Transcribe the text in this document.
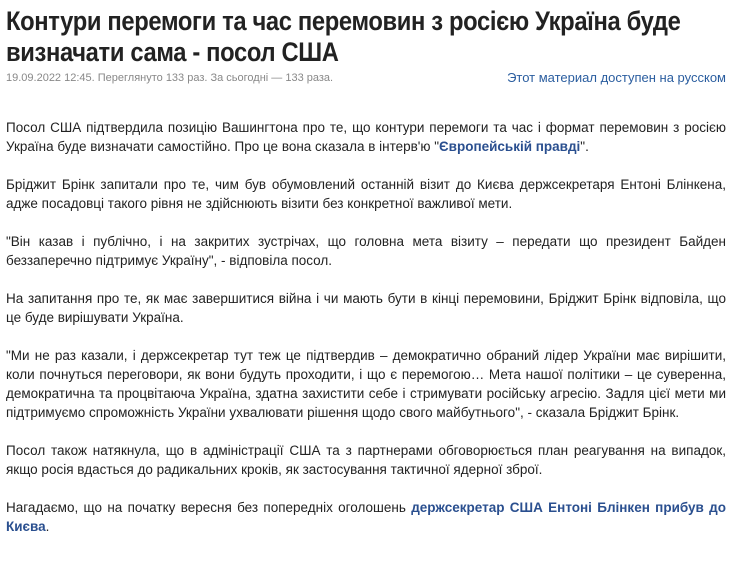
Контури перемоги та час перемовин з росією Україна буде визначати сама - посол США
19.09.2022 12:45. Переглянуто 133 раз. За сьогодні — 133 раза.	Этот материал доступен на русском

Посол США підтвердила позицію Вашингтона про те, що контури перемоги та час і формат перемовин з росією Україна буде визначати самостійно. Про це вона сказала в інтерв'ю "Європейській правді".

Бріджит Брінк запитали про те, чим був обумовлений останній візит до Києва держсекретаря Ентоні Блінкена, адже посадовці такого рівня не здійснюють візити без конкретної важливої мети.

"Він казав і публічно, і на закритих зустрічах, що головна мета візиту – передати що президент Байден беззаперечно підтримує Україну", - відповіла посол.

На запитання про те, як має завершитися війна і чи мають бути в кінці перемовини, Бріджит Брінк відповіла, що це буде вирішувати Україна.

"Ми не раз казали, і держсекретар тут теж це підтвердив – демократично обраний лідер України має вирішити, коли почнуться переговори, як вони будуть проходити, і що є перемогою… Мета нашої політики – це суверенна, демократична та процвітаюча Україна, здатна захистити себе і стримувати російську агресію. Задля цієї мети ми підтримуємо спроможність України ухвалювати рішення щодо свого майбутнього", - сказала Бріджит Брінк.

Посол також натякнула, що в адміністрації США та з партнерами обговорюється план реагування на випадок, якщо росія вдасться до радикальних кроків, як застосування тактичної ядерної зброї.

Нагадаємо, що на початку вересня без попередніх оголошень держсекретар США Ентоні Блінкен прибув до Києва.
